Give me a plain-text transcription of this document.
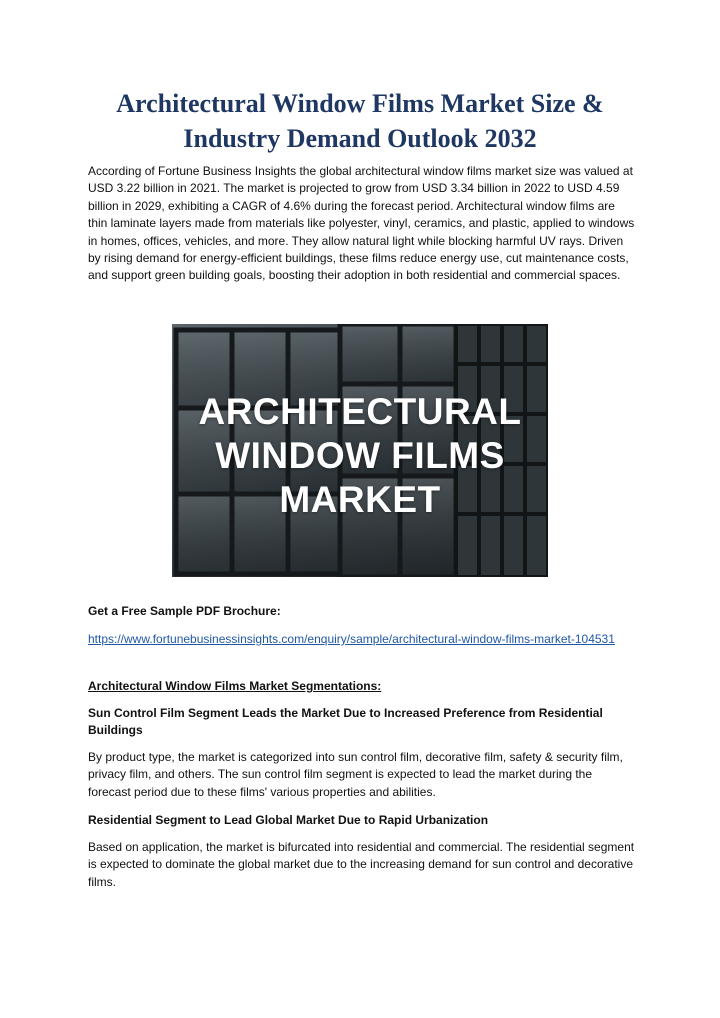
Architectural Window Films Market Size &
Industry Demand Outlook 2032

According of Fortune Business Insights the global architectural window films market size was valued at USD 3.22 billion in 2021. The market is projected to grow from USD 3.34 billion in 2022 to USD 4.59 billion in 2029, exhibiting a CAGR of 4.6% during the forecast period. Architectural window films are thin laminate layers made from materials like polyester, vinyl, ceramics, and plastic, applied to windows in homes, offices, vehicles, and more. They allow natural light while blocking harmful UV rays. Driven by rising demand for energy-efficient buildings, these films reduce energy use, cut maintenance costs, and support green building goals, boosting their adoption in both residential and commercial spaces.

ARCHITECTURAL
WINDOW FILMS
MARKET

Get a Free Sample PDF Brochure:

https://www.fortunebusinessinsights.com/enquiry/sample/architectural-window-films-market-104531

Architectural Window Films Market Segmentations:

Sun Control Film Segment Leads the Market Due to Increased Preference from Residential Buildings

By product type, the market is categorized into sun control film, decorative film, safety & security film, privacy film, and others. The sun control film segment is expected to lead the market during the forecast period due to these films' various properties and abilities.

Residential Segment to Lead Global Market Due to Rapid Urbanization

Based on application, the market is bifurcated into residential and commercial. The residential segment is expected to dominate the global market due to the increasing demand for sun control and decorative films.
